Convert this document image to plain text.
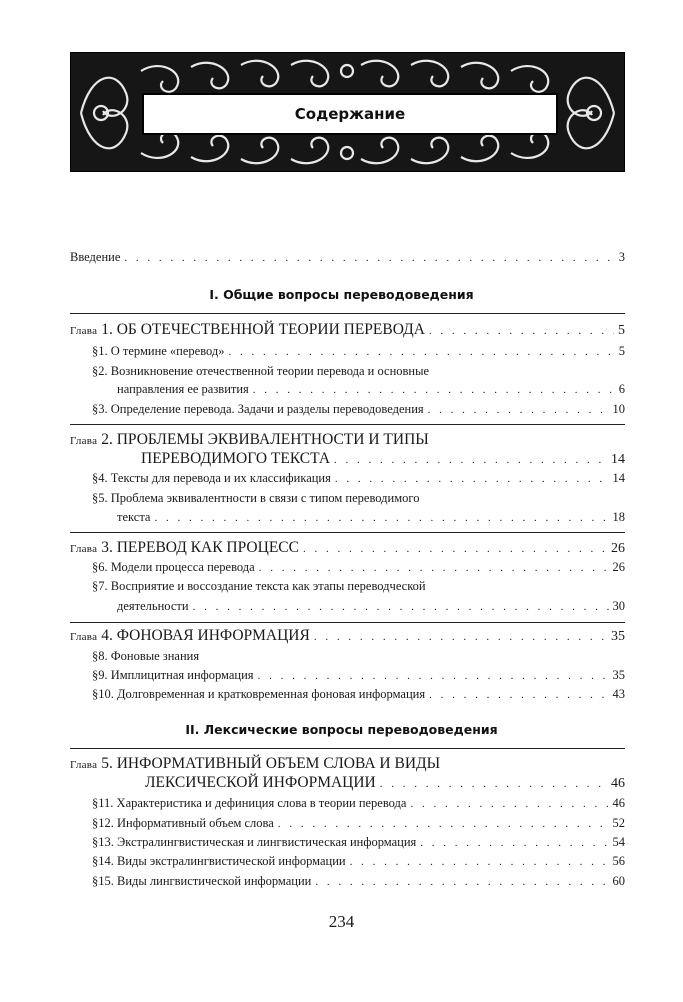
Содержание
Введение . . .	3
I. Общие вопросы переводоведения
Глава
1.
ОБ ОТЕЧЕСТВЕННОЙ ТЕОРИИ ПЕРЕВОДА . . .	5
§1.
О термине «перевод» . . .	5
§2. Возникновение отечественной теории перевода и основные
направления ее развития . . .	6
§3.
Определение перевода. Задачи и разделы переводоведения . . .	10
Глава 2. ПРОБЛЕМЫ ЭКВИВАЛЕНТНОСТИ И ТИПЫ
ПЕРЕВОДИМОГО ТЕКСТА . . .	14
§4.
Тексты для перевода и их классификация . . .	14
§5. Проблема эквивалентности в связи с типом переводимого
текста . . .	18
Глава
3.
ПЕРЕВОД КАК ПРОЦЕСС . . .	26
§6.
Модели процесса перевода . . .	26
§7. Восприятие и воссоздание текста как этапы переводческой
деятельности . . .	30
Глава
4.
ФОНОВАЯ ИНФОРМАЦИЯ . . .	35
§8. Фоновые знания
§9.
Имплицитная информация . . .	35
§10.
Долговременная и кратковременная фоновая информация . . .	43
II. Лексические вопросы переводоведения
Глава 5. ИНФОРМАТИВНЫЙ ОБЪЕМ СЛОВА И ВИДЫ
ЛЕКСИЧЕСКОЙ ИНФОРМАЦИИ . . .	46
§11.
Характеристика и дефиниция слова в теории перевода . . .	46
§12.
Информативный объем слова . . .	52
§13.
Экстралингвистическая и лингвистическая информация . . .	54
§14.
Виды экстралингвистической информации . . .	56
§15.
Виды лингвистической информации . . .	60
234
